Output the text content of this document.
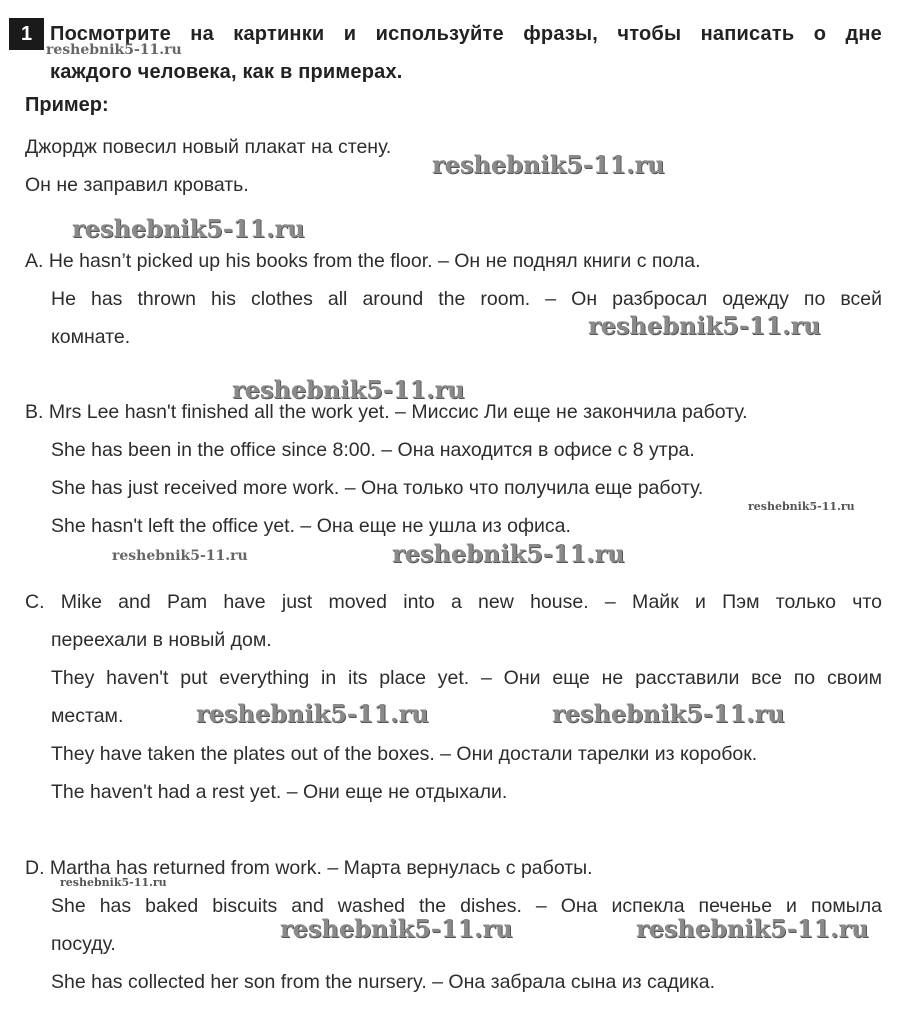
1 Посмотрите на картинки и используйте фразы, чтобы написать о дне
каждого человека, как в примерах.
Пример:
Джордж повесил новый плакат на стену.
Он не заправил кровать.
A. He hasn’t picked up his books from the floor. – Он не поднял книги с пола.
He has thrown his clothes all around the room. – Он разбросал одежду по всей
комнате.
B. Mrs Lee hasn't finished all the work yet. – Миссис Ли еще не закончила работу.
She has been in the office since 8:00. – Она находится в офисе с 8 утра.
She has just received more work. – Она только что получила еще работу.
She hasn't left the office yet. – Она еще не ушла из офиса.
C. Mike and Pam have just moved into a new house. – Майк и Пэм только что
переехали в новый дом.
They haven't put everything in its place yet. – Они еще не расставили все по своим
местам.
They have taken the plates out of the boxes. – Они достали тарелки из коробок.
The haven't had a rest yet. – Они еще не отдыхали.
D. Martha has returned from work. – Марта вернулась с работы.
She has baked biscuits and washed the dishes. – Она испекла печенье и помыла
посуду.
She has collected her son from the nursery. – Она забрала сына из садика.
reshebnik5-11.ru
reshebnik5-11.ru
reshebnik5-11.ru
reshebnik5-11.ru
reshebnik5-11.ru
reshebnik5-11.ru
reshebnik5-11.ru	reshebnik5-11.ru
reshebnik5-11.ru	reshebnik5-11.ru
reshebnik5-11.ru
reshebnik5-11.ru	reshebnik5-11.ru
